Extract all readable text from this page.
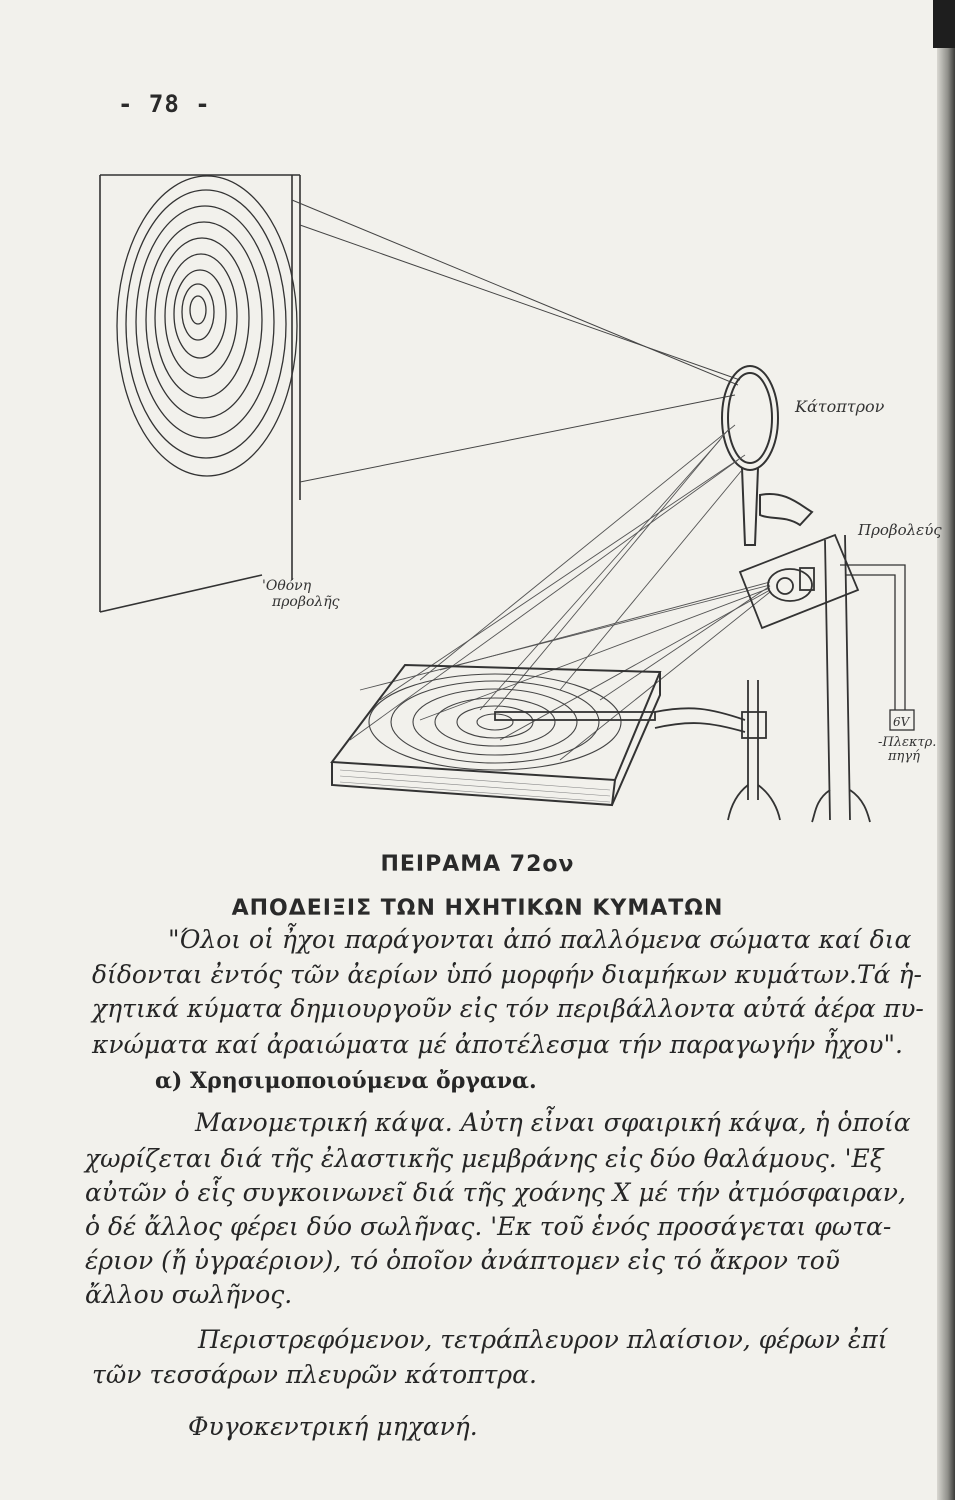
- 78 -
Κάτοπτρον
Προβολεύς
6V
-Πλεκτρ.
πηγή
'Οθόνη
προβολῆς
ΠΕΙΡΑΜΑ 72ον
ΑΠΟΔΕΙΞΙΣ ΤΩΝ ΗΧΗΤΙΚΩΝ ΚΥΜΑΤΩΝ
"Όλοι οἱ ἦχοι παράγονται ἀπό παλλόμενα σώματα καί δια
δίδονται ἐντός τῶν ἀερίων ὑπό μορφήν διαμήκων κυμάτων.Τά ἡ-
χητικά κύματα δημιουργοῦν εἰς τόν περιβάλλοντα αὐτά ἀέρα πυ-
κνώματα καί ἀραιώματα μέ ἀποτέλεσμα τήν παραγωγήν ἦχου".
α) Χρησιμοποιούμενα ὄργανα.
Μανομετρική κάψα. Αὐτη εἶναι σφαιρική κάψα, ἡ ὁποία
χωρίζεται διά τῆς ἐλαστικῆς μεμβράνης εἰς δύο θαλάμους. 'Εξ
αὐτῶν ὁ εἷς συγκοινωνεῖ διά τῆς χοάνης Χ μέ τήν ἀτμόσφαιραν,
ὁ δέ ἄλλος φέρει δύο σωλῆνας. 'Εκ τοῦ ἑνός προσάγεται φωτα-
έριον (ἤ ὑγραέριον), τό ὁποῖον ἀνάπτομεν εἰς τό ἄκρον τοῦ
ἄλλου σωλῆνος.
Περιστρεφόμενον, τετράπλευρον πλαίσιον, φέρων ἐπί
τῶν τεσσάρων πλευρῶν κάτοπτρα.
Φυγοκεντρική μηχανή.
